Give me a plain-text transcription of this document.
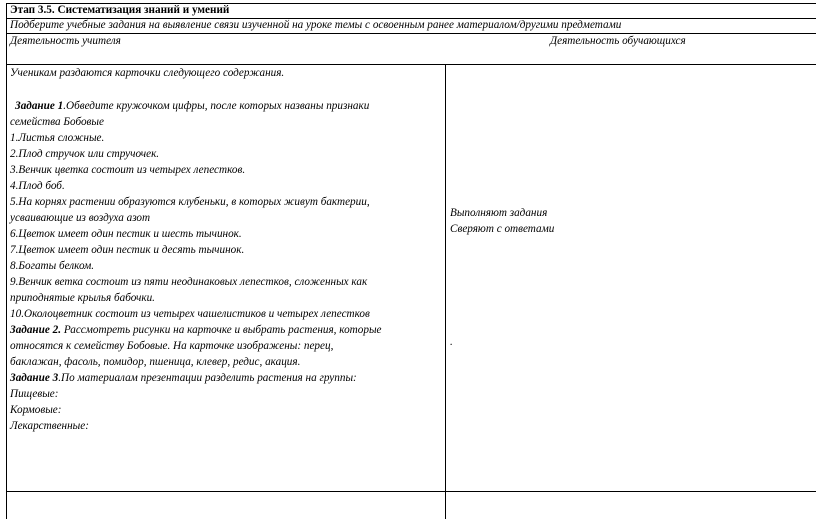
Этап 3.5. Систематизация знаний и умений
Подберите учебные задания на выявление связи изученной на уроке темы с освоенным ранее материалом/другими предметами
Деятельность учителя	Деятельность обучающихся
Ученикам раздаются карточки следующего содержания.
Задание 1.Обведите кружочком цифры, после которых названы признаки
семейства Бобовые
1.Листья сложные.
2.Плод стручок или стручочек.
3.Венчик цветка состоит из четырех лепестков.
4.Плод боб.
5.На корнях растении образуются клубеньки, в которых живут бактерии,
усваивающие из воздуха азот
6.Цветок имеет один пестик и шесть тычинок.
7.Цветок имеет один пестик и десять тычинок.
8.Богаты белком.
9.Венчик ветка состоит из пяти неодинаковых лепестков, сложенных как
приподнятые крылья бабочки.
10.Околоцветник состоит из четырех чашелистиков и четырех лепестков
Задание 2. Рассмотреть рисунки на карточке и выбрать растения, которые
относятся к семейству Бобовые. На карточке изображены: перец,
баклажан, фасоль, помидор, пшеница, клевер, редис, акация.
Задание 3.По материалам презентации разделить растения на группы:
Пищевые:
Кормовые:
Лекарственные:
Выполняют задания
Сверяют с ответами
.
